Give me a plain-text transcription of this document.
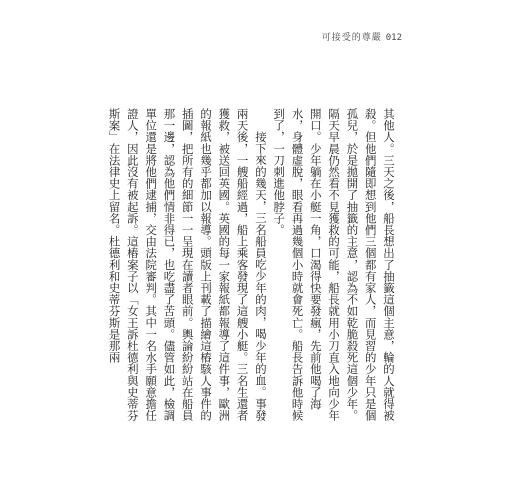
可接受的尊嚴 012

其他人。三天之後，船長想出了抽籤這個主意，輪的人就得被殺。但他們隨即想到他們三個都有家人，而見習的少年只是個孤兒，於是拋開了抽籤的主意，認為不如乾脆殺死這個少年。隔天早晨仍然看不見獲救的可能，船長就用小刀直入地向少年開口。少年躺在小艇一角，口渴得快要發瘋，先前他喝了海水，身體虛脫，眼看再過幾個小時就會死亡。船長告訴他時候到了，一刀刺進他脖子。

接下來的幾天，三名船員吃少年的肉，喝少年的血。事發兩天後，一艘船經過，船上乘客發現了這艘小艇。三名生還者獲救，被送回英國。英國的每一家報紙都報導了這件事，歐洲的報紙也幾乎都加以報導。頭版上刊載了描繪這樁駭人事件的插圖，把所有的細節一一呈現在讀者眼前。輿論紛紛站在船員那一邊，認為他們情非得已，也吃盡了苦頭。儘管如此，檢調單位還是將他們逮捕，交由法院審判。其中一名水手願意擔任證人，因此沒有被起訴。這樁案子以「女王訴杜德利與史蒂芬斯案」在法律史上留名。杜德利和史蒂芬斯是那兩
